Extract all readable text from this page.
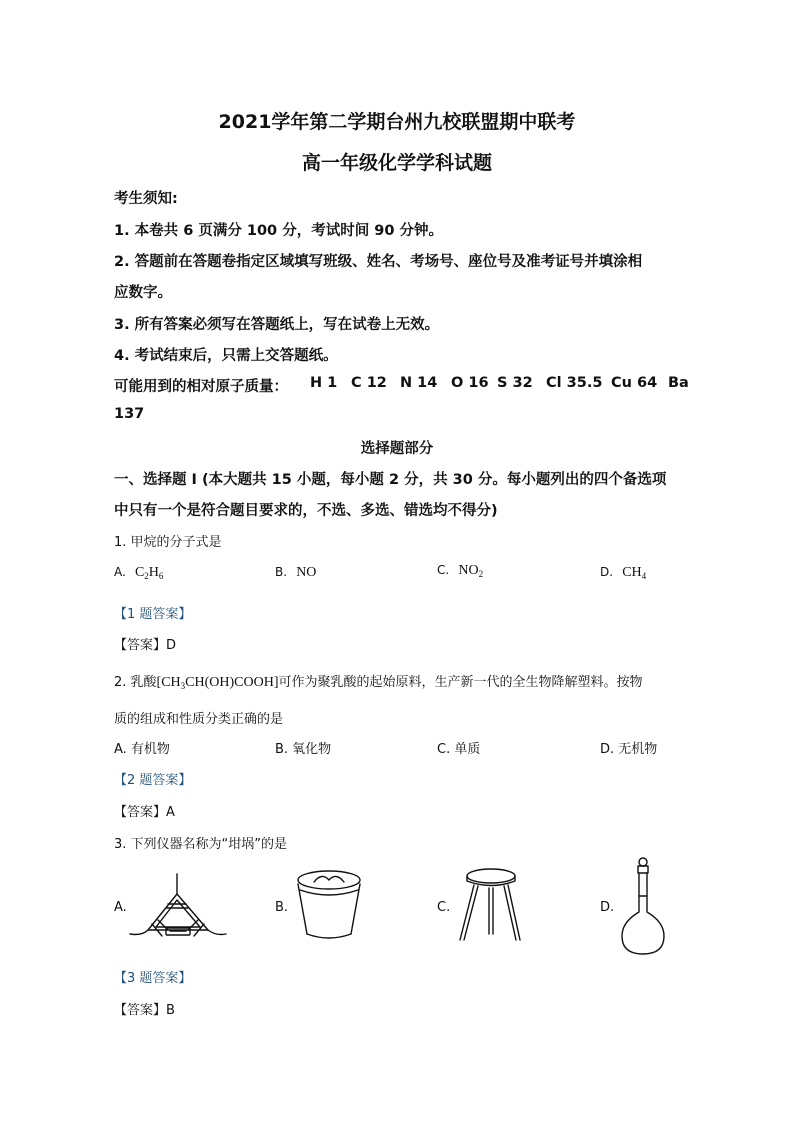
2021学年第二学期台州九校联盟期中联考
高一年级化学学科试题
考生须知:
1. 本卷共 6 页满分 100 分，考试时间 90 分钟。
2. 答题前在答题卷指定区域填写班级、姓名、考场号、座位号及准考证号并填涂相
应数字。
3. 所有答案必须写在答题纸上，写在试卷上无效。
4. 考试结束后，只需上交答题纸。
可能用到的相对原子质量： H 1 C 12 N 14 O 16 S 32 Cl 35.5 Cu 64 Ba
137
选择题部分
一、选择题 I (本大题共 15 小题，每小题 2 分，共 30 分。每小题列出的四个备选项
中只有一个是符合题目要求的，不选、多选、错选均不得分)
1. 甲烷的分子式是
A. $C_2H_6$	B. NO	C. $NO_2$	D. $CH_4$
【1 题答案】
【答案】D
2. 乳酸$[CH_3CH(OH)COOH]$可作为聚乳酸的起始原料，生产新一代的全生物降解塑料。按物
质的组成和性质分类正确的是
A. 有机物	B. 氧化物	C. 单质	D. 无机物
【2 题答案】
【答案】A
3. 下列仪器名称为“坩埚”的是
A.	B.	C.	D.
【3 题答案】
【答案】B
